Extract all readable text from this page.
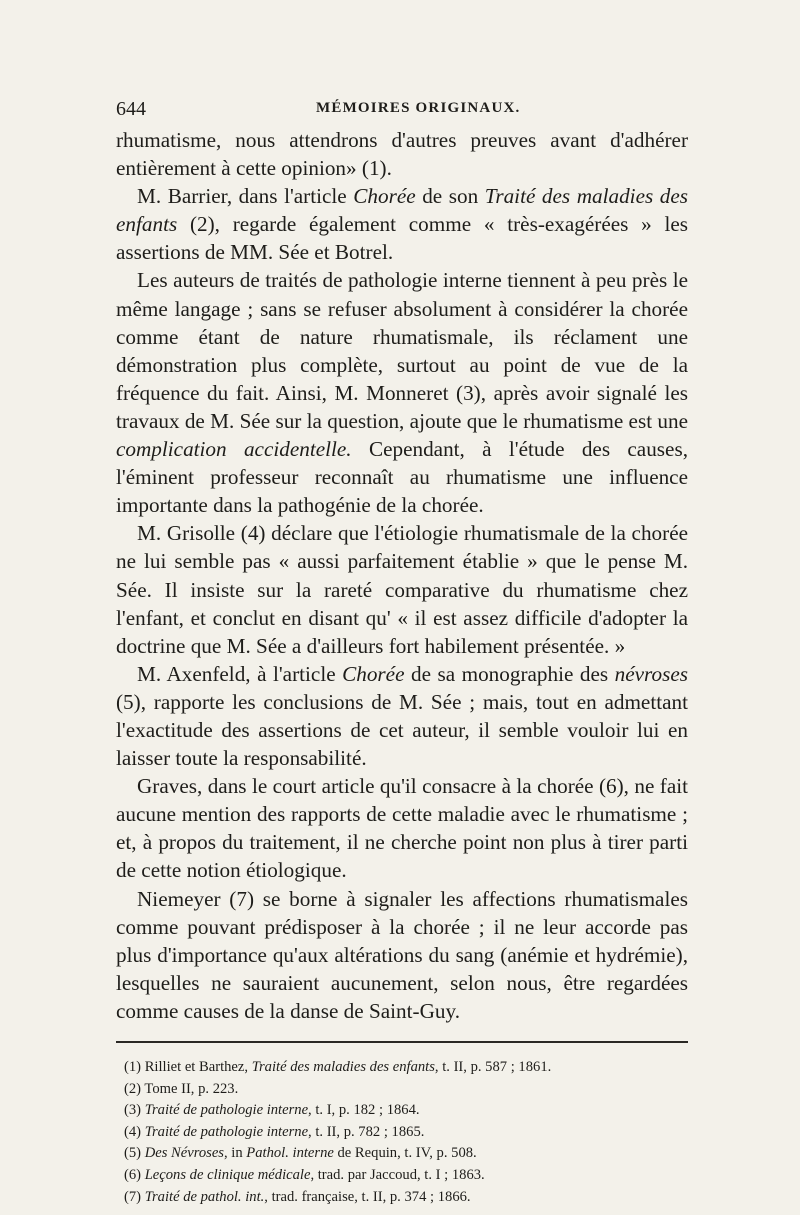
644	MÉMOIRES ORIGINAUX.

rhumatisme, nous attendrons d'autres preuves avant d'adhérer entièrement à cette opinion» (1).

M. Barrier, dans l'article Chorée de son Traité des maladies des enfants (2), regarde également comme « très-exagérées » les assertions de MM. Sée et Botrel.

Les auteurs de traités de pathologie interne tiennent à peu près le même langage ; sans se refuser absolument à considérer la chorée comme étant de nature rhumatismale, ils réclament une démonstration plus complète, surtout au point de vue de la fréquence du fait. Ainsi, M. Monneret (3), après avoir signalé les travaux de M. Sée sur la question, ajoute que le rhumatisme est une complication accidentelle. Cependant, à l'étude des causes, l'éminent professeur reconnaît au rhumatisme une influence importante dans la pathogénie de la chorée.

M. Grisolle (4) déclare que l'étiologie rhumatismale de la chorée ne lui semble pas « aussi parfaitement établie » que le pense M. Sée. Il insiste sur la rareté comparative du rhumatisme chez l'enfant, et conclut en disant qu' « il est assez difficile d'adopter la doctrine que M. Sée a d'ailleurs fort habilement présentée. »

M. Axenfeld, à l'article Chorée de sa monographie des névroses (5), rapporte les conclusions de M. Sée ; mais, tout en admettant l'exactitude des assertions de cet auteur, il semble vouloir lui en laisser toute la responsabilité.

Graves, dans le court article qu'il consacre à la chorée (6), ne fait aucune mention des rapports de cette maladie avec le rhumatisme ; et, à propos du traitement, il ne cherche point non plus à tirer parti de cette notion étiologique.

Niemeyer (7) se borne à signaler les affections rhumatismales comme pouvant prédisposer à la chorée ; il ne leur accorde pas plus d'importance qu'aux altérations du sang (anémie et hydrémie), lesquelles ne sauraient aucunement, selon nous, être regardées comme causes de la danse de Saint-Guy.

(1) Rilliet et Barthez, Traité des maladies des enfants, t. II, p. 587 ; 1861.
(2) Tome II, p. 223.
(3) Traité de pathologie interne, t. I, p. 182 ; 1864.
(4) Traité de pathologie interne, t. II, p. 782 ; 1865.
(5) Des Névroses, in Pathol. interne de Requin, t. IV, p. 508.
(6) Leçons de clinique médicale, trad. par Jaccoud, t. I ; 1863.
(7) Traité de pathol. int., trad. française, t. II, p. 374 ; 1866.
